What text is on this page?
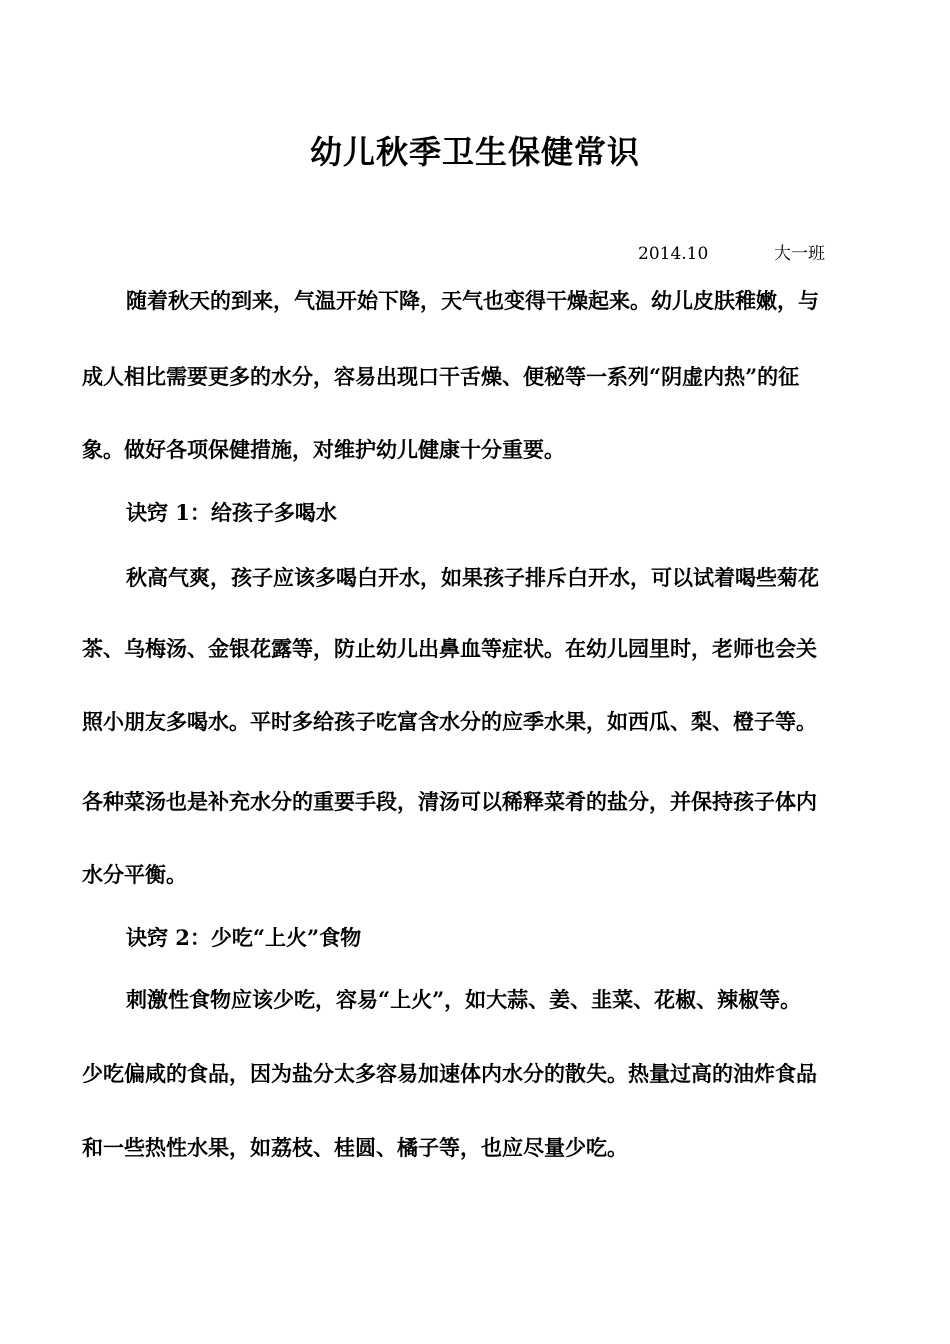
幼儿秋季卫生保健常识
2014.10	大一班
随着秋天的到来，气温开始下降，天气也变得干燥起来。幼儿皮肤稚嫩，与
成人相比需要更多的水分，容易出现口干舌燥、便秘等一系列“阴虚内热”的征
象。做好各项保健措施，对维护幼儿健康十分重要。
诀窍 1：给孩子多喝水
秋高气爽，孩子应该多喝白开水，如果孩子排斥白开水，可以试着喝些菊花
茶、乌梅汤、金银花露等，防止幼儿出鼻血等症状。在幼儿园里时，老师也会关
照小朋友多喝水。平时多给孩子吃富含水分的应季水果，如西瓜、梨、橙子等。
各种菜汤也是补充水分的重要手段，清汤可以稀释菜肴的盐分，并保持孩子体内
水分平衡。
诀窍 2：少吃“上火”食物
刺激性食物应该少吃，容易“上火”，如大蒜、姜、韭菜、花椒、辣椒等。
少吃偏咸的食品，因为盐分太多容易加速体内水分的散失。热量过高的油炸食品
和一些热性水果，如荔枝、桂圆、橘子等，也应尽量少吃。
